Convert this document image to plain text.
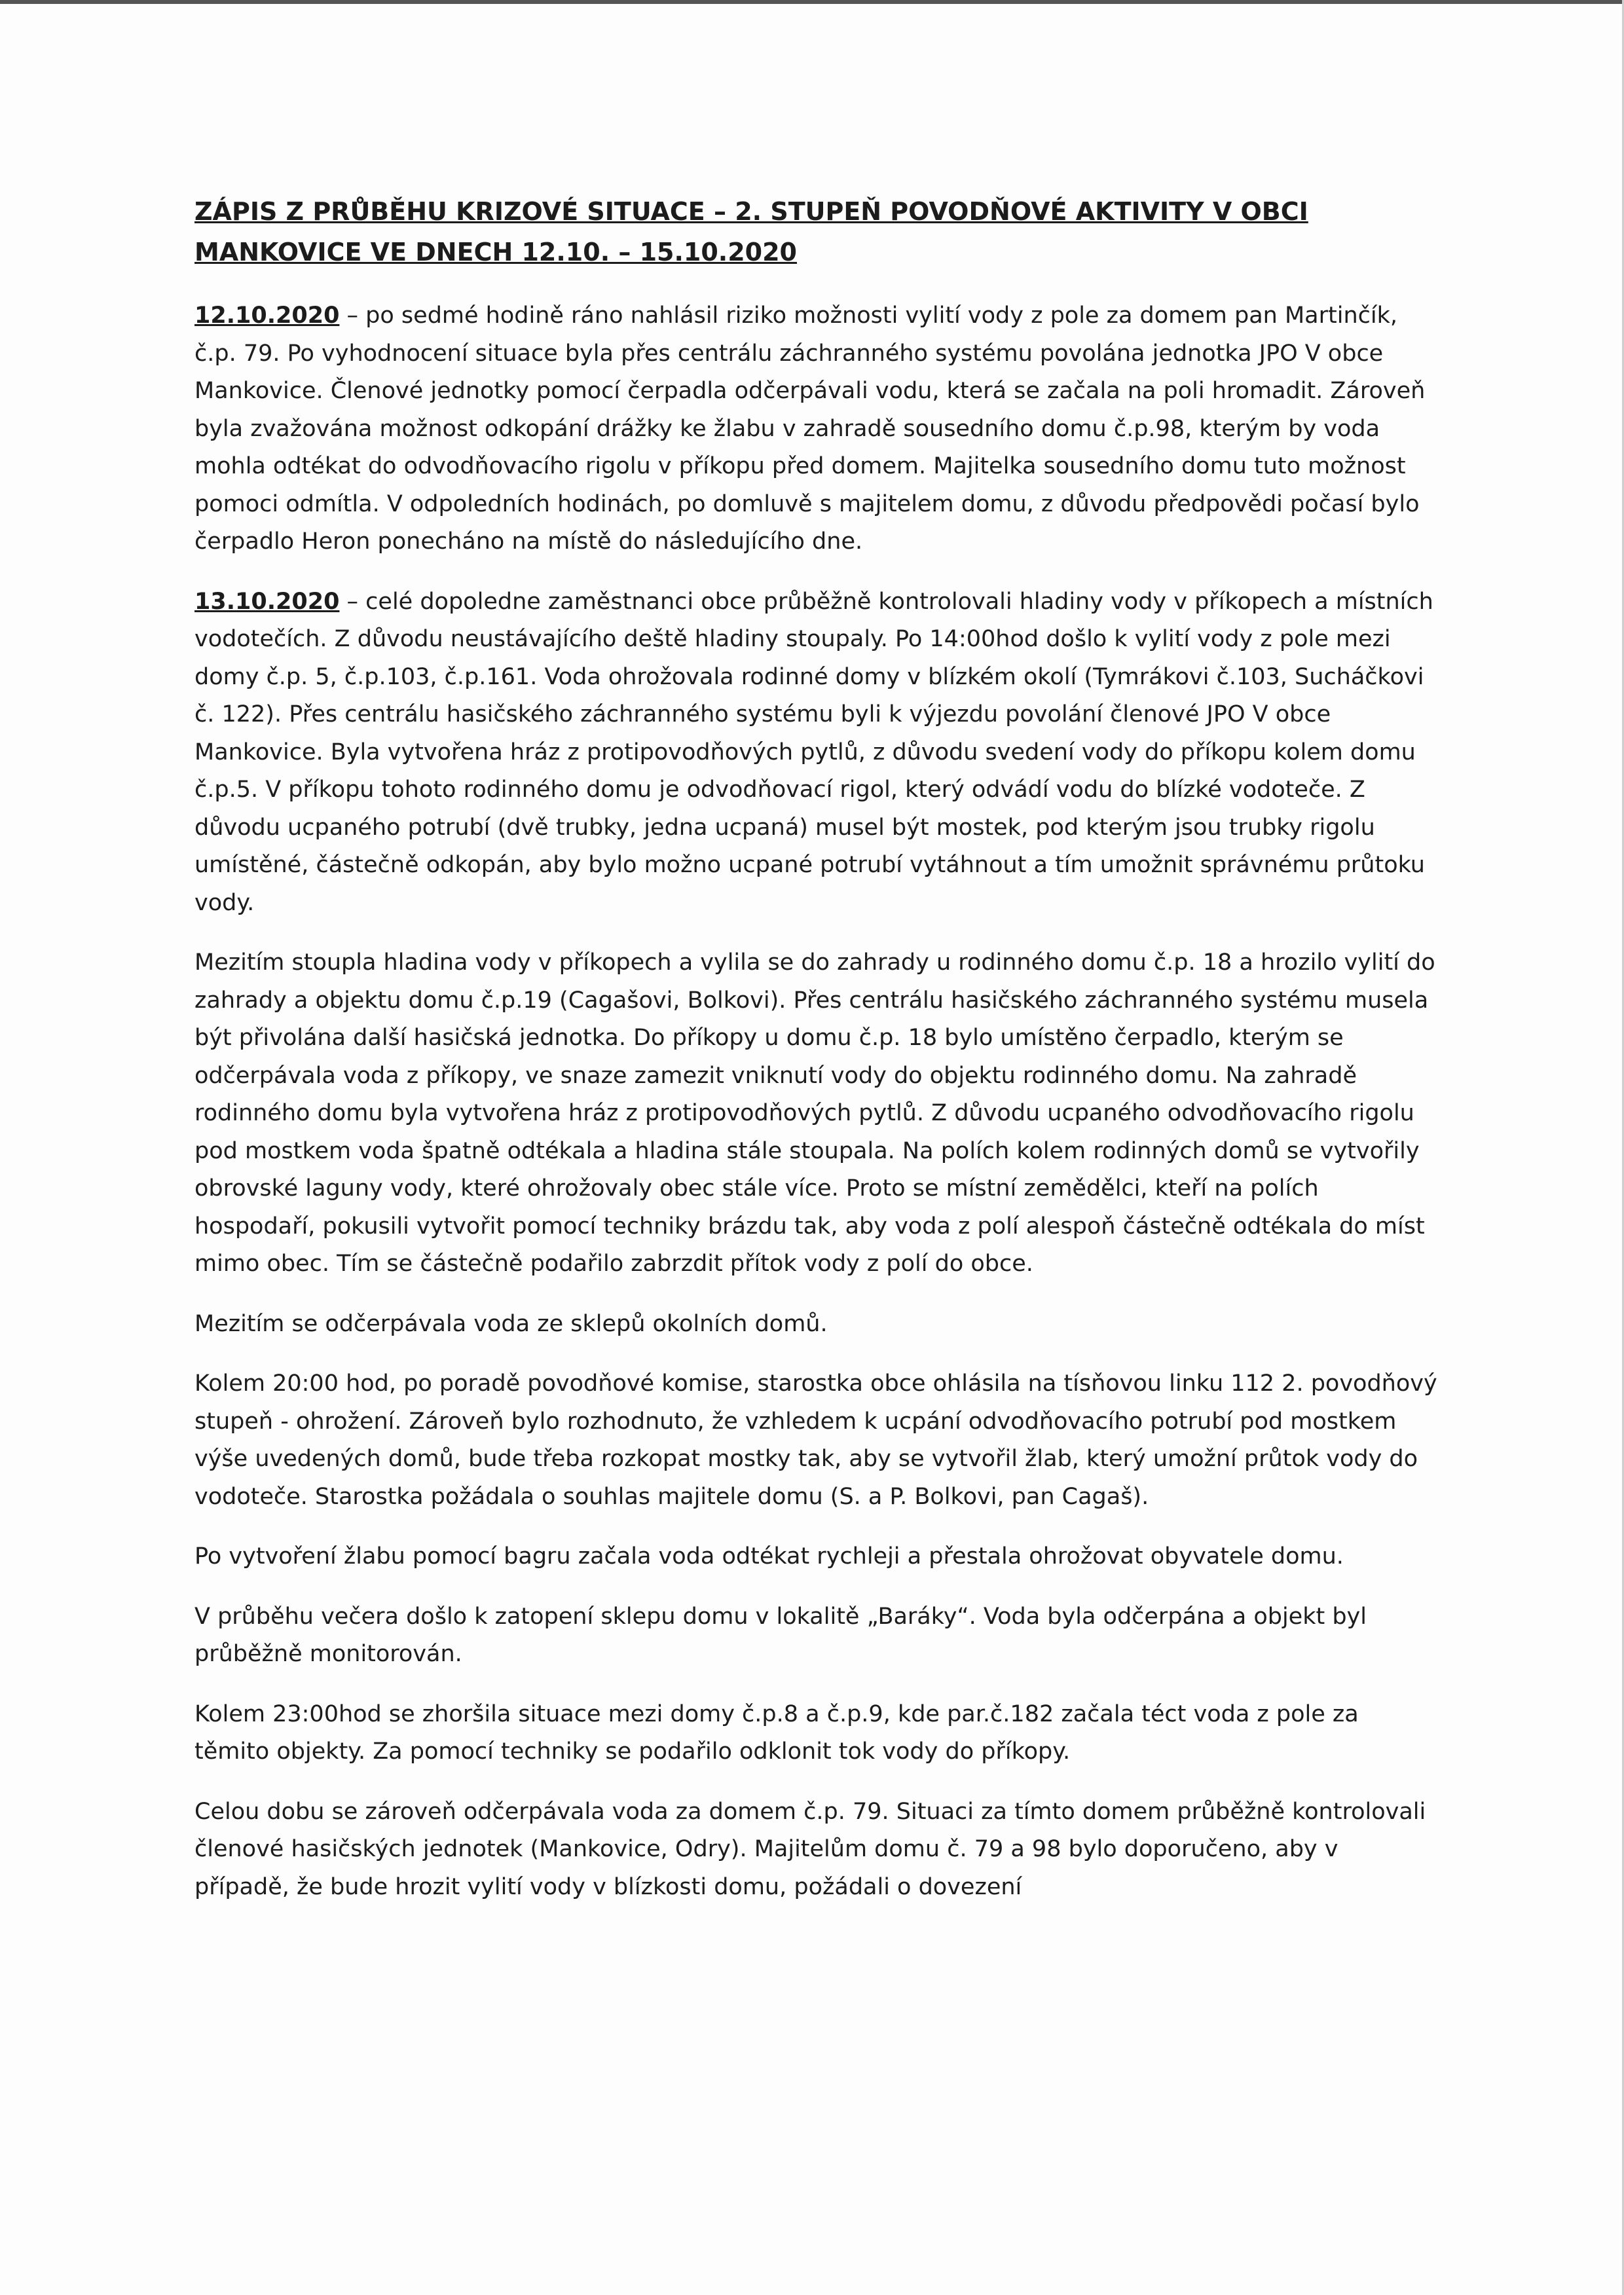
ZÁPIS Z PRŮBĚHU KRIZOVÉ SITUACE – 2. STUPEŇ POVODŇOVÉ AKTIVITY V OBCI MANKOVICE VE DNECH 12.10. – 15.10.2020

12.10.2020 – po sedmé hodině ráno nahlásil riziko možnosti vylití vody z pole za domem pan Martinčík, č.p. 79. Po vyhodnocení situace byla přes centrálu záchranného systému povolána jednotka JPO V obce Mankovice. Členové jednotky pomocí čerpadla odčerpávali vodu, která se začala na poli hromadit. Zároveň byla zvažována možnost odkopání drážky ke žlabu v zahradě sousedního domu č.p.98, kterým by voda mohla odtékat do odvodňovacího rigolu v příkopu před domem. Majitelka sousedního domu tuto možnost pomoci odmítla. V odpoledních hodinách, po domluvě s majitelem domu, z důvodu předpovědi počasí bylo čerpadlo Heron ponecháno na místě do následujícího dne.

13.10.2020 – celé dopoledne zaměstnanci obce průběžně kontrolovali hladiny vody v příkopech a místních vodotečích. Z důvodu neustávajícího deště hladiny stoupaly. Po 14:00hod došlo k vylití vody z pole mezi domy č.p. 5, č.p.103, č.p.161. Voda ohrožovala rodinné domy v blízkém okolí (Tymrákovi č.103, Sucháčkovi č. 122). Přes centrálu hasičského záchranného systému byli k výjezdu povolání členové JPO V obce Mankovice. Byla vytvořena hráz z protipovodňových pytlů, z důvodu svedení vody do příkopu kolem domu č.p.5. V příkopu tohoto rodinného domu je odvodňovací rigol, který odvádí vodu do blízké vodoteče. Z důvodu ucpaného potrubí (dvě trubky, jedna ucpaná) musel být mostek, pod kterým jsou trubky rigolu umístěné, částečně odkopán, aby bylo možno ucpané potrubí vytáhnout a tím umožnit správnému průtoku vody.

Mezitím stoupla hladina vody v příkopech a vylila se do zahrady u rodinného domu č.p. 18 a hrozilo vylití do zahrady a objektu domu č.p.19 (Cagašovi, Bolkovi). Přes centrálu hasičského záchranného systému musela být přivolána další hasičská jednotka. Do příkopy u domu č.p. 18 bylo umístěno čerpadlo, kterým se odčerpávala voda z příkopy, ve snaze zamezit vniknutí vody do objektu rodinného domu. Na zahradě rodinného domu byla vytvořena hráz z protipovodňových pytlů. Z důvodu ucpaného odvodňovacího rigolu pod mostkem voda špatně odtékala a hladina stále stoupala. Na polích kolem rodinných domů se vytvořily obrovské laguny vody, které ohrožovaly obec stále více. Proto se místní zemědělci, kteří na polích hospodaří, pokusili vytvořit pomocí techniky brázdu tak, aby voda z polí alespoň částečně odtékala do míst mimo obec. Tím se částečně podařilo zabrzdit přítok vody z polí do obce.

Mezitím se odčerpávala voda ze sklepů okolních domů.

Kolem 20:00 hod, po poradě povodňové komise, starostka obce ohlásila na tísňovou linku 112 2. povodňový stupeň - ohrožení. Zároveň bylo rozhodnuto, že vzhledem k ucpání odvodňovacího potrubí pod mostkem výše uvedených domů, bude třeba rozkopat mostky tak, aby se vytvořil žlab, který umožní průtok vody do vodoteče. Starostka požádala o souhlas majitele domu (S. a P. Bolkovi, pan Cagaš).

Po vytvoření žlabu pomocí bagru začala voda odtékat rychleji a přestala ohrožovat obyvatele domu.

V průběhu večera došlo k zatopení sklepu domu v lokalitě „Baráky“. Voda byla odčerpána a objekt byl průběžně monitorován.

Kolem 23:00hod se zhoršila situace mezi domy č.p.8 a č.p.9, kde par.č.182 začala téct voda z pole za těmito objekty. Za pomocí techniky se podařilo odklonit tok vody do příkopy.

Celou dobu se zároveň odčerpávala voda za domem č.p. 79. Situaci za tímto domem průběžně kontrolovali členové hasičských jednotek (Mankovice, Odry). Majitelům domu č. 79 a 98 bylo doporučeno, aby v případě, že bude hrozit vylití vody v blízkosti domu, požádali o dovezení
